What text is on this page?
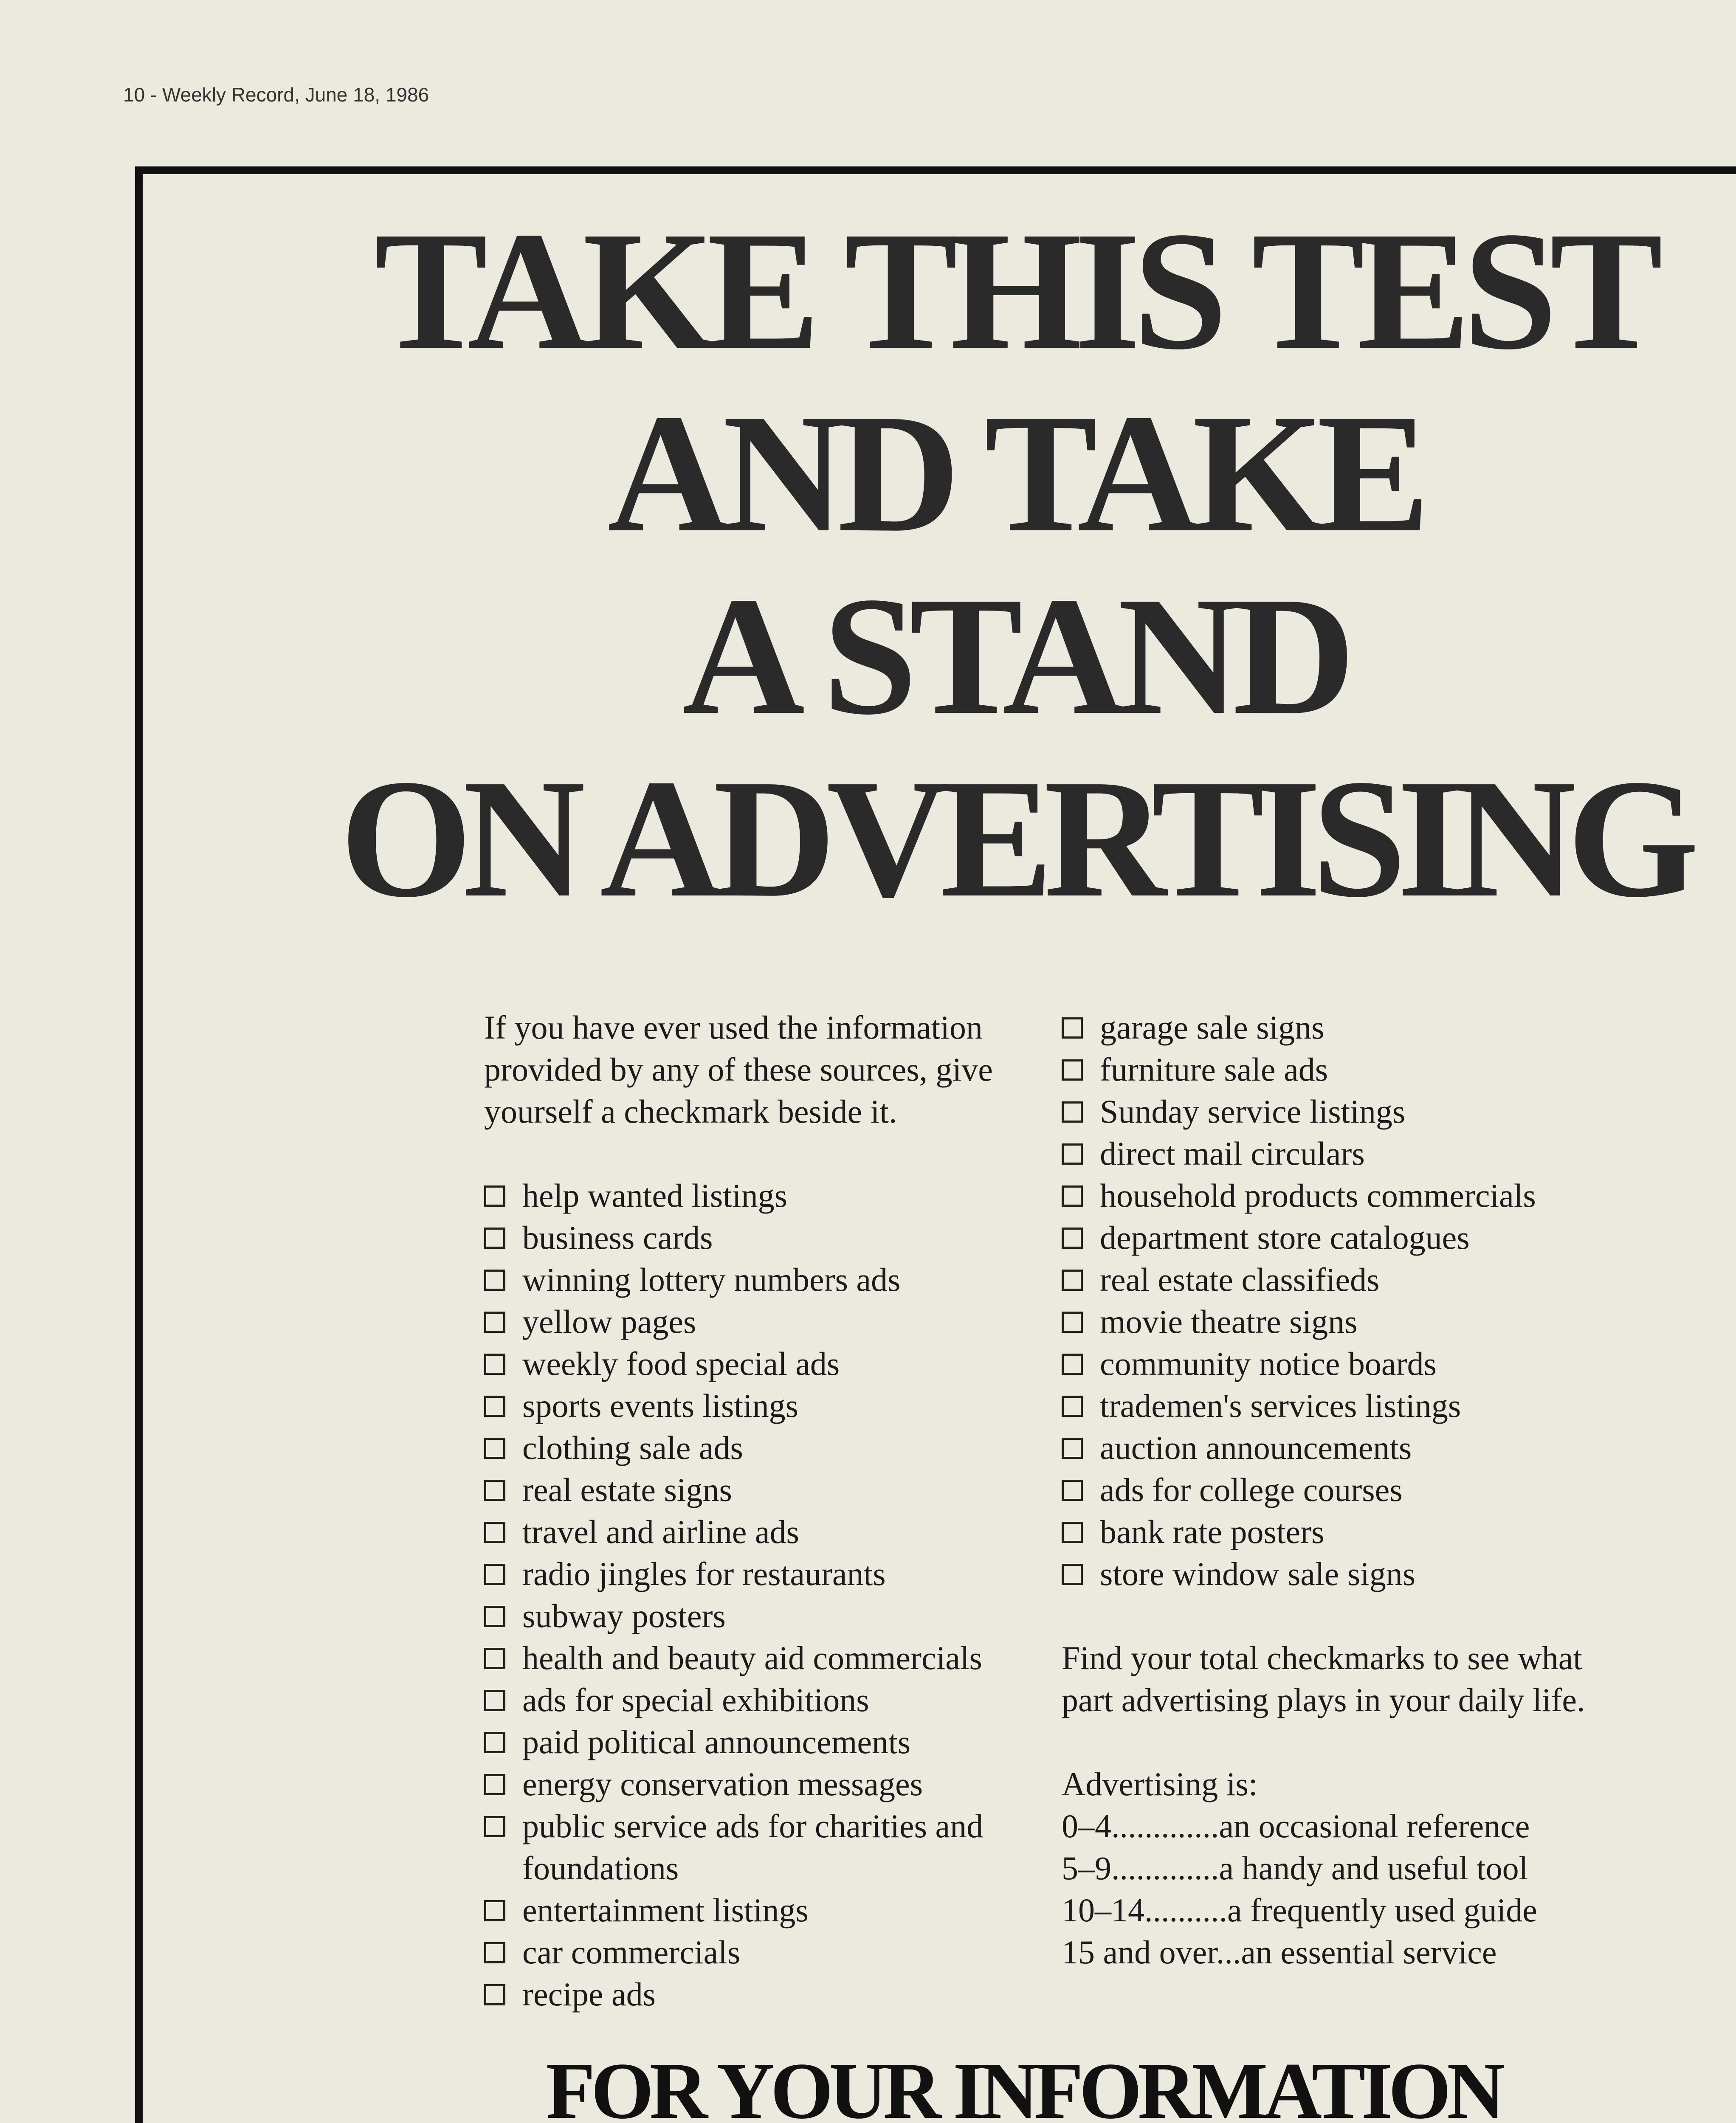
10 - Weekly Record, June 18, 1986
TAKE THIS TEST
AND TAKE
A STAND
ON ADVERTISING
If you have ever used the information provided by any of these sources, give yourself a checkmark beside it.
help wanted listings
business cards
winning lottery numbers ads
yellow pages
weekly food special ads
sports events listings
clothing sale ads
real estate signs
travel and airline ads
radio jingles for restaurants
subway posters
health and beauty aid commercials
ads for special exhibitions
paid political announcements
energy conservation messages
public service ads for charities and foundations
entertainment listings
car commercials
recipe ads
garage sale signs
furniture sale ads
Sunday service listings
direct mail circulars
household products commercials
department store catalogues
real estate classifieds
movie theatre signs
community notice boards
trademen's services listings
auction announcements
ads for college courses
bank rate posters
store window sale signs
Find your total checkmarks to see what part advertising plays in your daily life.
Advertising is:
0–4.............an occasional reference
5–9.............a handy and useful tool
10–14..........a frequently used guide
15 and over...an essential service
FOR YOUR INFORMATION
